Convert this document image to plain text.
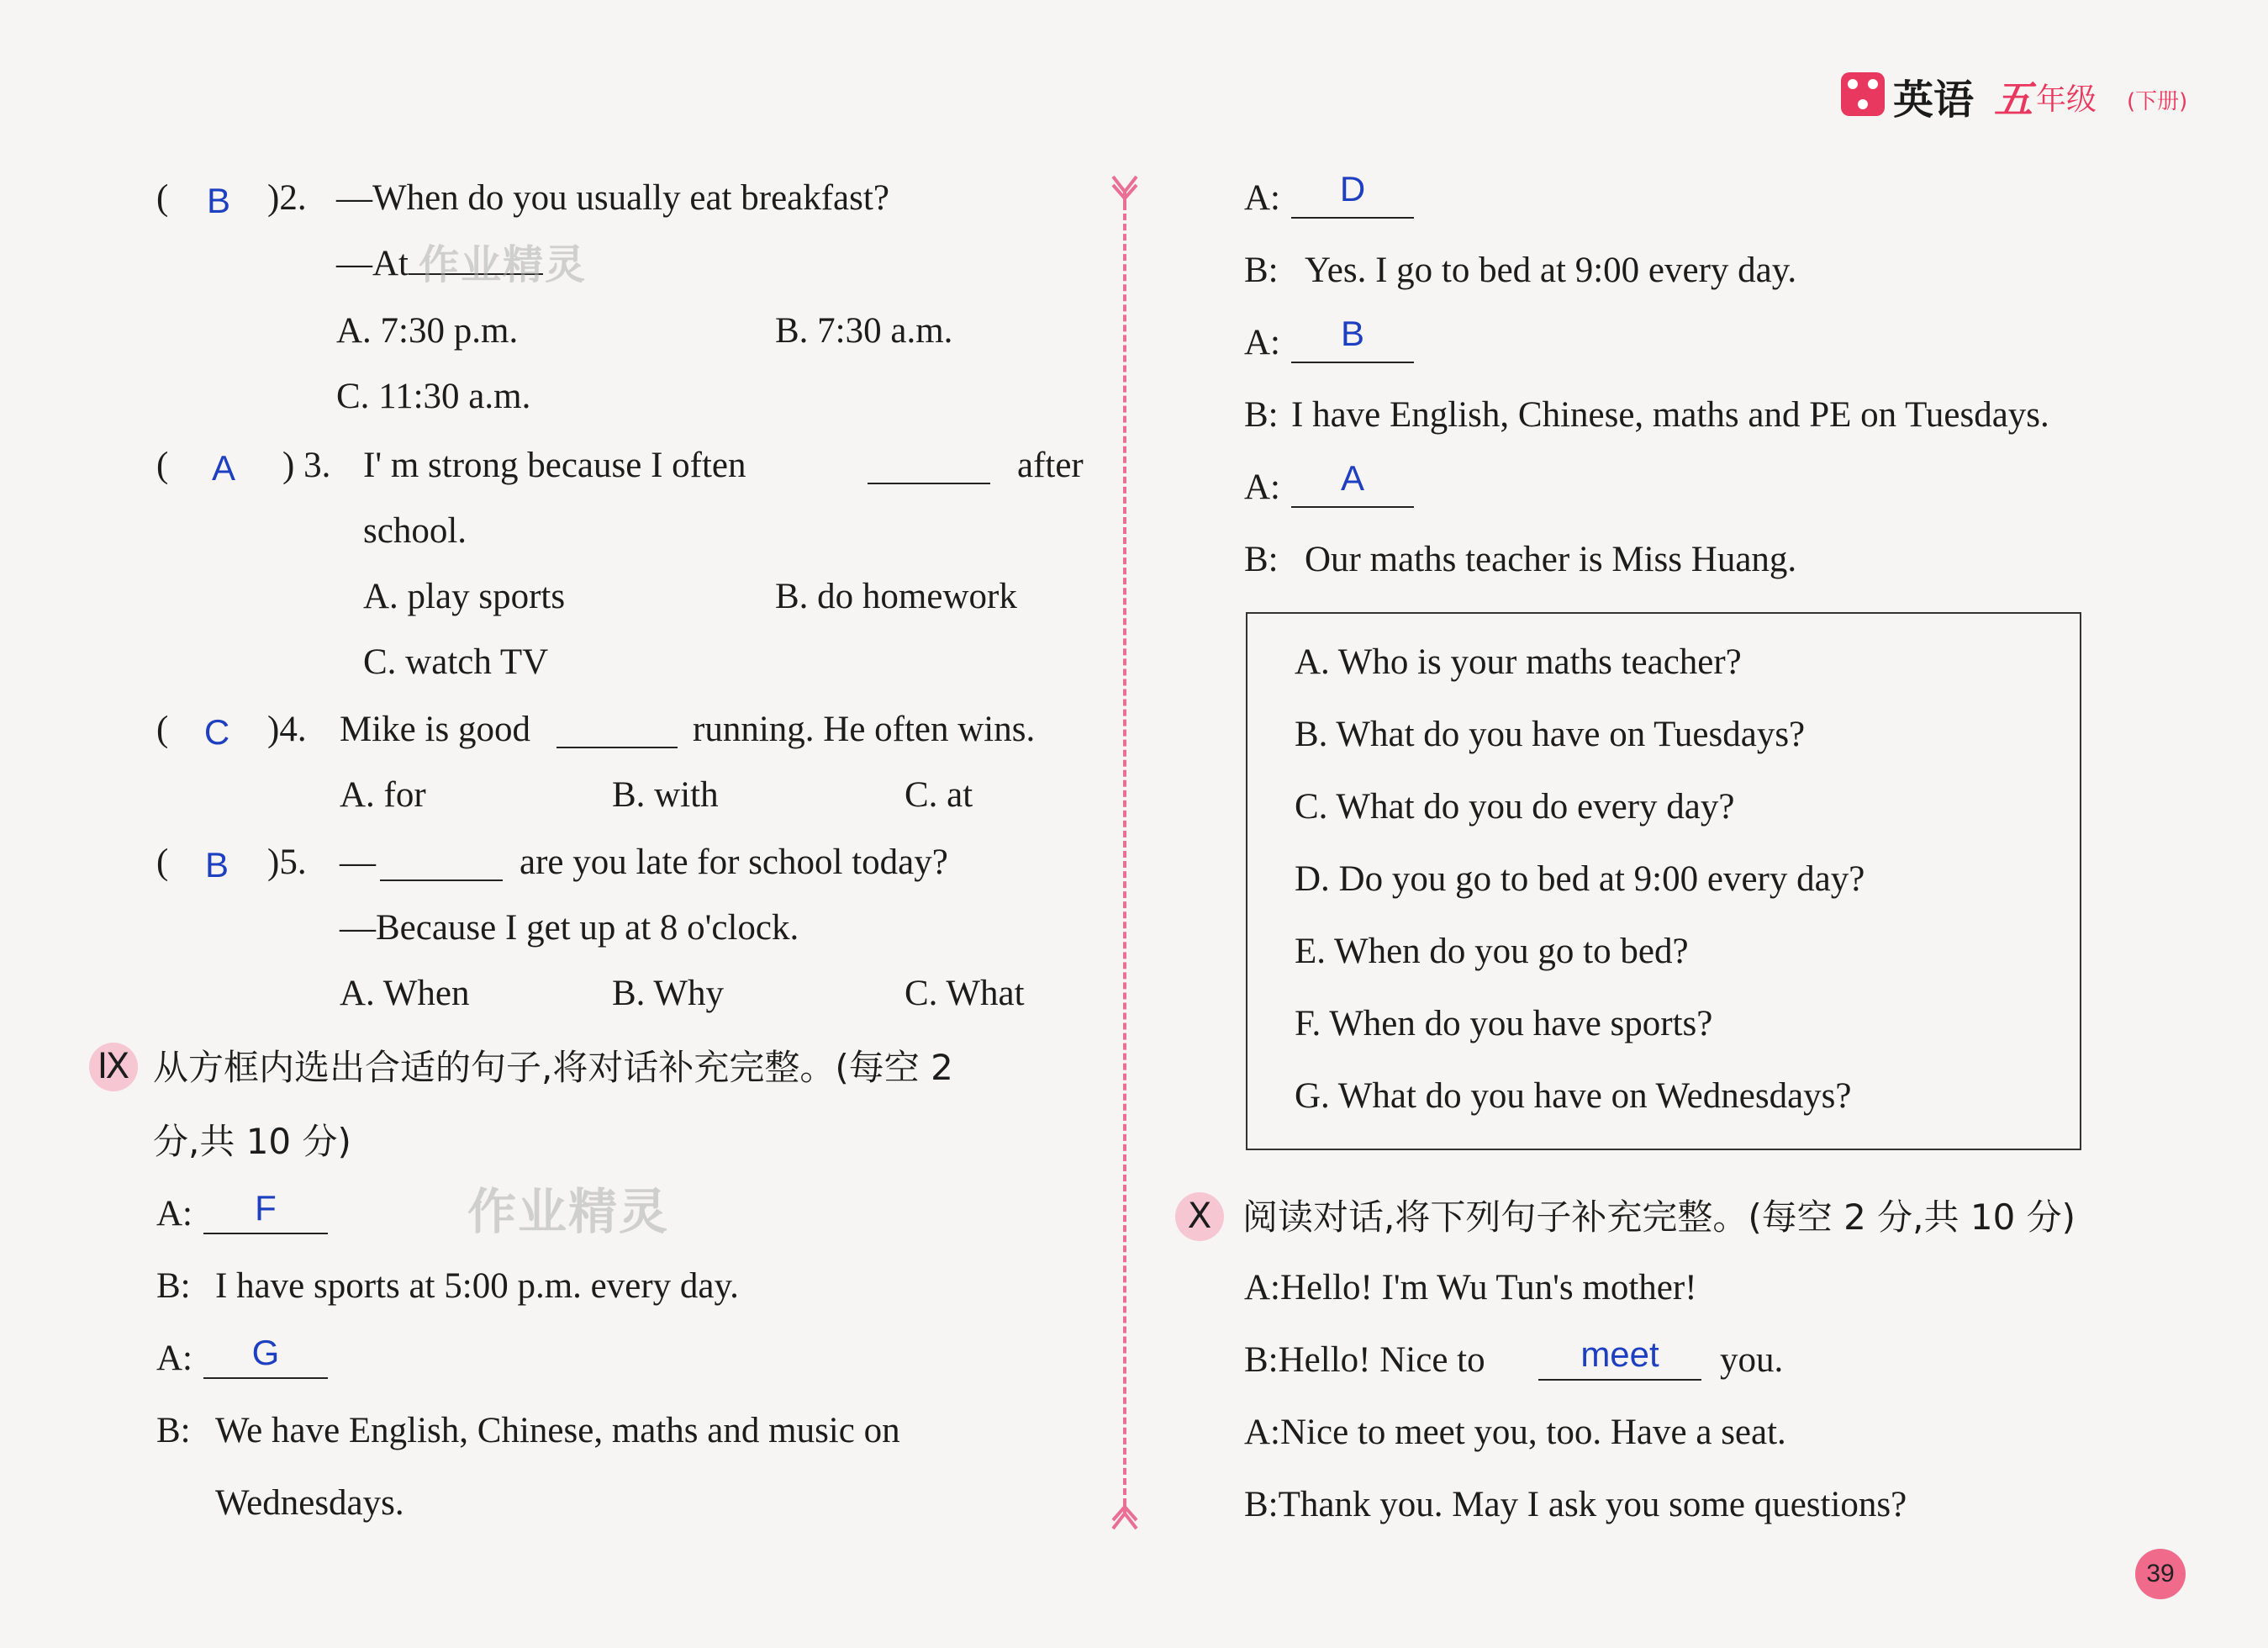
英语 五 年级 (下册)
(	B	)2. —When do you usually eat breakfast?
—At
A. 7:30 p.m.	B. 7:30 a.m.
C. 11:30 a.m.
(	A	) 3. I' m strong because I often	after
school.
A. play sports	B. do homework
C. watch TV
(	C	)4. Mike is good	running. He often wins.
A. for	B. with	C. at
(	B	)5. —	are you late for school today?
—Because I get up at 8 o'clock.
A. When	B. Why	C. What
Ⅸ 从方框内选出合适的句子,将对话补充完整。(每空 2
分,共 10 分)
A:	F
B: I have sports at 5:00 p.m. every day.
A:	G
B: We have English, Chinese, maths and music on
Wednesdays.
A:	D
B: Yes. I go to bed at 9:00 every day.
A:	B
B: I have English, Chinese, maths and PE on Tuesdays.
A:	A
B: Our maths teacher is Miss Huang.
A. Who is your maths teacher?
B. What do you have on Tuesdays?
C. What do you do every day?
D. Do you go to bed at 9:00 every day?
E. When do you go to bed?
F. When do you have sports?
G. What do you have on Wednesdays?
Ⅹ 阅读对话,将下列句子补充完整。(每空 2 分,共 10 分)
A:Hello! I'm Wu Tun's mother!
B:Hello! Nice to	meet	you.
A:Nice to meet you, too. Have a seat.
B:Thank you. May I ask you some questions?
作业精灵
作业精灵
39
